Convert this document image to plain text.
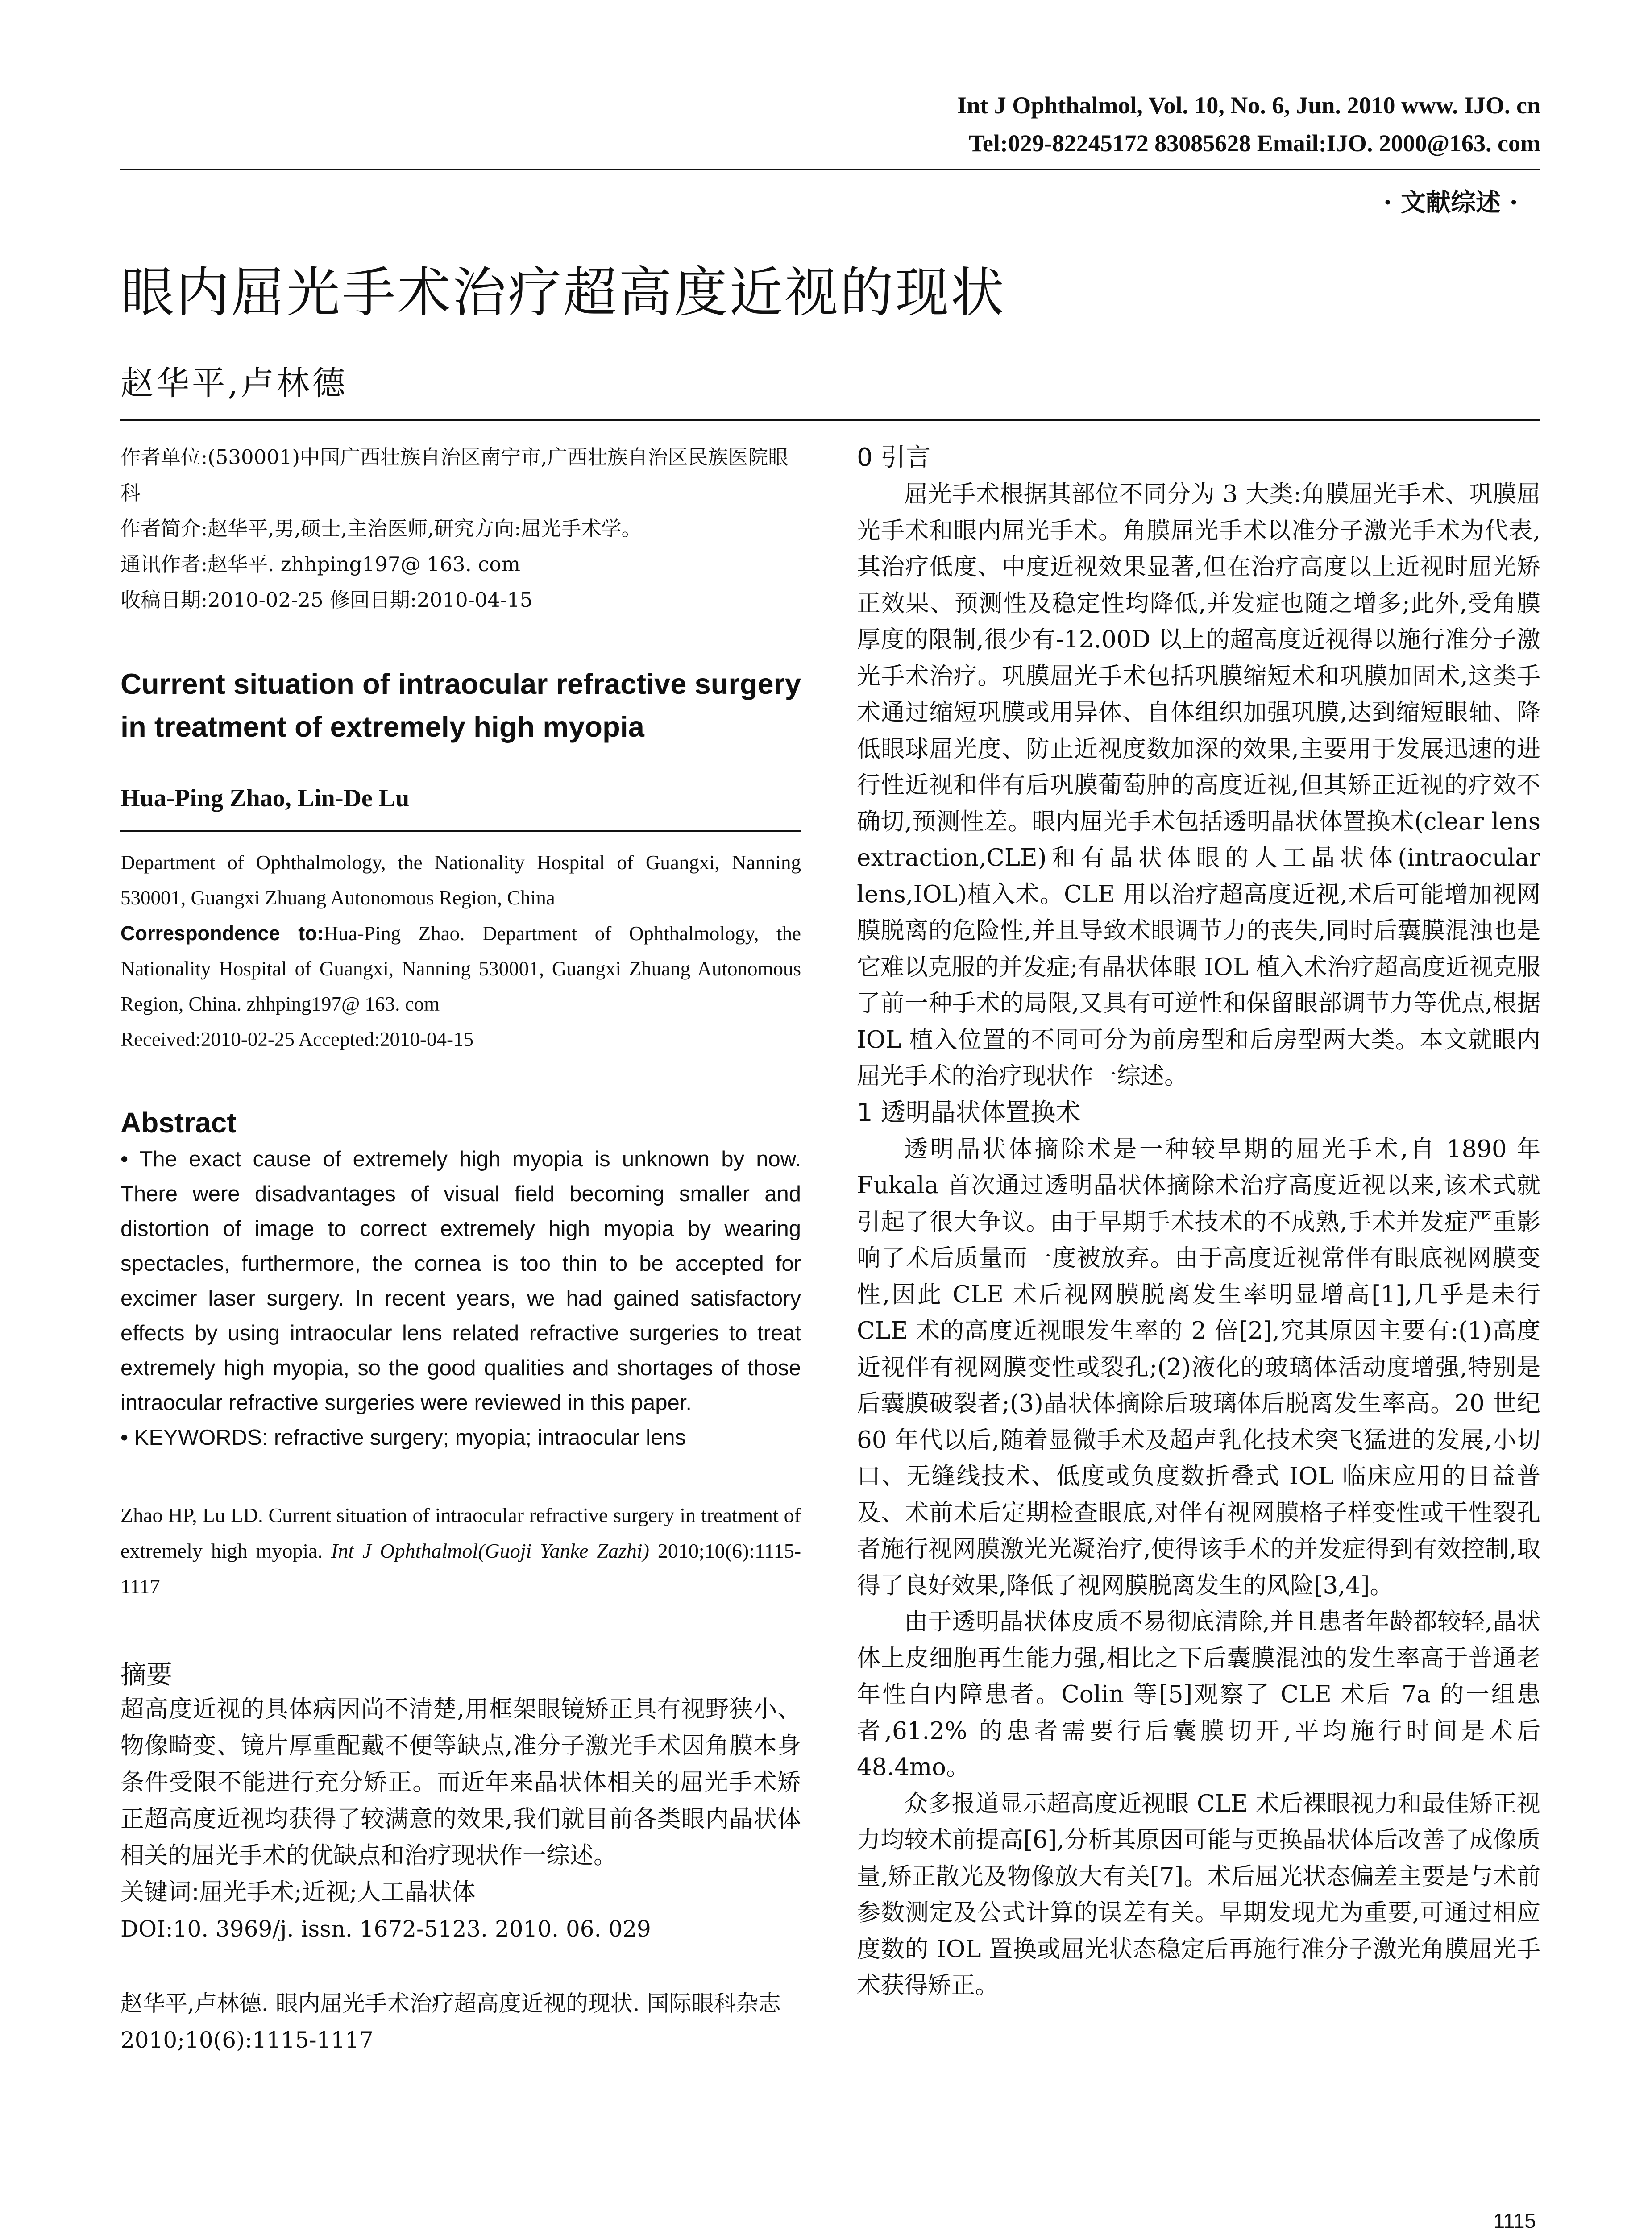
Int J Ophthalmol, Vol. 10, No. 6, Jun. 2010 www. IJO. cn
Tel:029-82245172 83085628 Email:IJO. 2000@163. com
· 文献综述 ·
眼内屈光手术治疗超高度近视的现状
赵华平,卢林德

作者单位:(530001)中国广西壮族自治区南宁市,广西壮族自治区民族医院眼科

作者简介:赵华平,男,硕士,主治医师,研究方向:屈光手术学。

通讯作者:赵华平. zhhping197@ 163. com

收稿日期:2010-02-25 修回日期:2010-04-15

Current situation of intraocular refractive surgery in treatment of extremely high myopia

Hua-Ping Zhao, Lin-De Lu

Department of Ophthalmology, the Nationality Hospital of Guangxi, Nanning 530001, Guangxi Zhuang Autonomous Region, China
Correspondence to:Hua-Ping Zhao. Department of Ophthalmology, the Nationality Hospital of Guangxi, Nanning 530001, Guangxi Zhuang Autonomous Region, China. zhhping197@ 163. com
Received:2010-02-25 Accepted:2010-04-15

Abstract

• The exact cause of extremely high myopia is unknown by now. There were disadvantages of visual field becoming smaller and distortion of image to correct extremely high myopia by wearing spectacles, furthermore, the cornea is too thin to be accepted for excimer laser surgery. In recent years, we had gained satisfactory effects by using intraocular lens related refractive surgeries to treat extremely high myopia, so the good qualities and shortages of those intraocular refractive surgeries were reviewed in this paper.

• KEYWORDS: refractive surgery; myopia; intraocular lens

Zhao HP, Lu LD. Current situation of intraocular refractive surgery in treatment of extremely high myopia. Int J Ophthalmol(Guoji Yanke Zazhi) 2010;10(6):1115-1117

摘要

超高度近视的具体病因尚不清楚,用框架眼镜矫正具有视野狭小、物像畸变、镜片厚重配戴不便等缺点,准分子激光手术因角膜本身条件受限不能进行充分矫正。而近年来晶状体相关的屈光手术矫正超高度近视均获得了较满意的效果,我们就目前各类眼内晶状体相关的屈光手术的优缺点和治疗现状作一综述。

关键词:屈光手术;近视;人工晶状体

DOI:10. 3969/j. issn. 1672-5123. 2010. 06. 029

赵华平,卢林德. 眼内屈光手术治疗超高度近视的现状. 国际眼科杂志 2010;10(6):1115-1117

0 引言

屈光手术根据其部位不同分为 3 大类:角膜屈光手术、巩膜屈光手术和眼内屈光手术。角膜屈光手术以准分子激光手术为代表,其治疗低度、中度近视效果显著,但在治疗高度以上近视时屈光矫正效果、预测性及稳定性均降低,并发症也随之增多;此外,受角膜厚度的限制,很少有-12.00D 以上的超高度近视得以施行准分子激光手术治疗。巩膜屈光手术包括巩膜缩短术和巩膜加固术,这类手术通过缩短巩膜或用异体、自体组织加强巩膜,达到缩短眼轴、降低眼球屈光度、防止近视度数加深的效果,主要用于发展迅速的进行性近视和伴有后巩膜葡萄肿的高度近视,但其矫正近视的疗效不确切,预测性差。眼内屈光手术包括透明晶状体置换术(clear lens extraction,CLE)和有晶状体眼的人工晶状体(intraocular lens,IOL)植入术。CLE 用以治疗超高度近视,术后可能增加视网膜脱离的危险性,并且导致术眼调节力的丧失,同时后囊膜混浊也是它难以克服的并发症;有晶状体眼 IOL 植入术治疗超高度近视克服了前一种手术的局限,又具有可逆性和保留眼部调节力等优点,根据 IOL 植入位置的不同可分为前房型和后房型两大类。本文就眼内屈光手术的治疗现状作一综述。

1 透明晶状体置换术

透明晶状体摘除术是一种较早期的屈光手术,自 1890 年 Fukala 首次通过透明晶状体摘除术治疗高度近视以来,该术式就引起了很大争议。由于早期手术技术的不成熟,手术并发症严重影响了术后质量而一度被放弃。由于高度近视常伴有眼底视网膜变性,因此 CLE 术后视网膜脱离发生率明显增高[1],几乎是未行 CLE 术的高度近视眼发生率的 2 倍[2],究其原因主要有:(1)高度近视伴有视网膜变性或裂孔;(2)液化的玻璃体活动度增强,特别是后囊膜破裂者;(3)晶状体摘除后玻璃体后脱离发生率高。20 世纪 60 年代以后,随着显微手术及超声乳化技术突飞猛进的发展,小切口、无缝线技术、低度或负度数折叠式 IOL 临床应用的日益普及、术前术后定期检查眼底,对伴有视网膜格子样变性或干性裂孔者施行视网膜激光光凝治疗,使得该手术的并发症得到有效控制,取得了良好效果,降低了视网膜脱离发生的风险[3,4]。

由于透明晶状体皮质不易彻底清除,并且患者年龄都较轻,晶状体上皮细胞再生能力强,相比之下后囊膜混浊的发生率高于普通老年性白内障患者。Colin 等[5]观察了 CLE 术后 7a 的一组患者,61.2% 的患者需要行后囊膜切开,平均施行时间是术后 48.4mo。

众多报道显示超高度近视眼 CLE 术后裸眼视力和最佳矫正视力均较术前提高[6],分析其原因可能与更换晶状体后改善了成像质量,矫正散光及物像放大有关[7]。术后屈光状态偏差主要是与术前参数测定及公式计算的误差有关。早期发现尤为重要,可通过相应度数的 IOL 置换或屈光状态稳定后再施行准分子激光角膜屈光手术获得矫正。

1115
